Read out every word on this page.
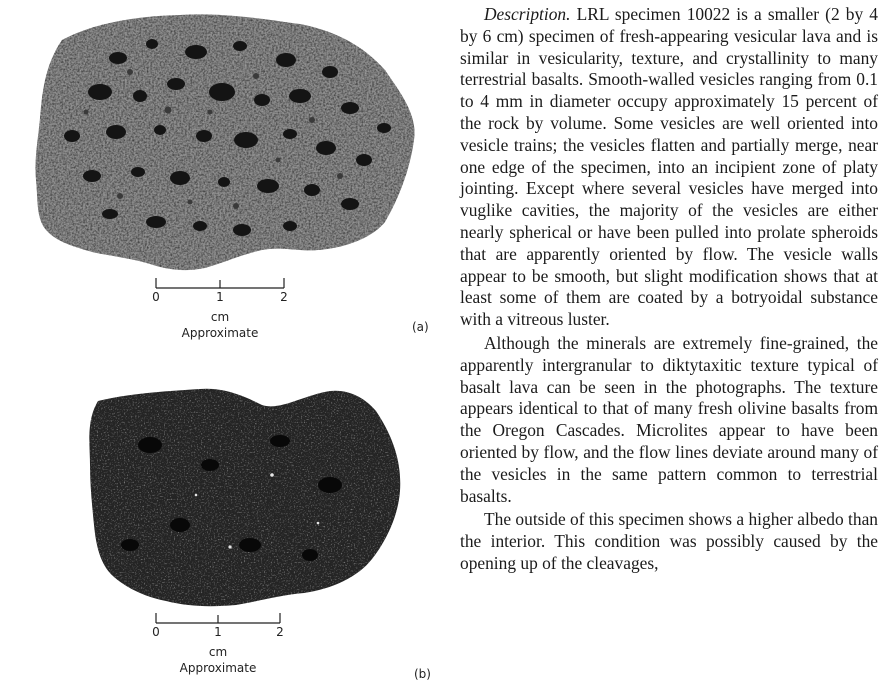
0	1	2
cm
Approximate	(a)
0	1	2
cm
Approximate	(b)

Description. LRL specimen 10022 is a smaller (2 by 4 by 6 cm) specimen of fresh-appearing vesicular lava and is similar in vesicularity, texture, and crystallinity to many terrestrial basalts. Smooth-walled vesicles ranging from 0.1 to 4 mm in diameter occupy approximately 15 percent of the rock by volume. Some vesicles are well oriented into vesicle trains; the vesicles flatten and partially merge, near one edge of the specimen, into an incipient zone of platy jointing. Except where several vesicles have merged into vuglike cavities, the majority of the vesicles are either nearly spherical or have been pulled into prolate spheroids that are apparently oriented by flow. The vesicle walls appear to be smooth, but slight modification shows that at least some of them are coated by a botryoidal substance with a vitreous luster.

Although the minerals are extremely fine-grained, the apparently intergranular to diktytaxitic texture typical of basalt lava can be seen in the photographs. The texture appears identical to that of many fresh olivine basalts from the Oregon Cascades. Microlites appear to have been oriented by flow, and the flow lines deviate around many of the vesicles in the same pattern common to terrestrial basalts.

The outside of this specimen shows a higher albedo than the interior. This condition was possibly caused by the opening up of the cleavages,
